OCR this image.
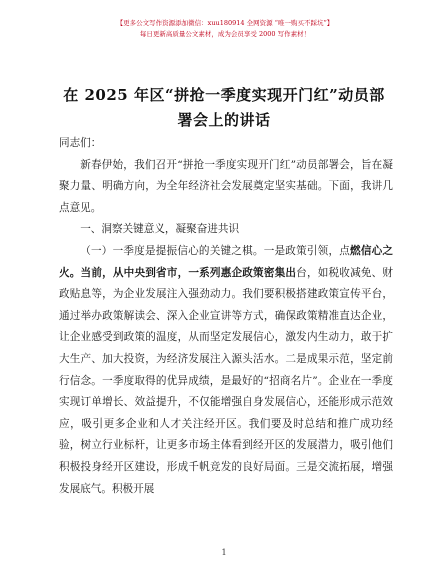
【更多公文写作资源添加微信：xuu180914 全网资源 “唯一购买不踩坑”】
每日更新高质量公文素材，成为会员享受 2000 写作素材！
在 2025 年区“拼抢一季度实现开门红”动员部署会上的讲话

同志们：

新春伊始，我们召开“拼抢一季度实现开门红”动员部署会，旨在凝聚力量、明确方向，为全年经济社会发展奠定坚实基础。下面，我讲几点意见。

一、洞察关键意义，凝聚奋进共识

（一）一季度是提振信心的关键之棋。一是政策引领，点燃信心之火。当前，从中央到省市，一系列惠企政策密集出台，如税收减免、财政贴息等，为企业发展注入强劲动力。我们要积极搭建政策宣传平台，通过举办政策解读会、深入企业宣讲等方式，确保政策精准直达企业，让企业感受到政策的温度，从而坚定发展信心，激发内生动力，敢于扩大生产、加大投资，为经济发展注入源头活水。二是成果示范，坚定前行信念。一季度取得的优异成绩，是最好的“招商名片”。企业在一季度实现订单增长、效益提升，不仅能增强自身发展信心，还能形成示范效应，吸引更多企业和人才关注经开区。我们要及时总结和推广成功经验，树立行业标杆，让更多市场主体看到经开区的发展潜力，吸引他们积极投身经开区建设，形成千帆竞发的良好局面。三是交流拓展，增强发展底气。积极开展

1
